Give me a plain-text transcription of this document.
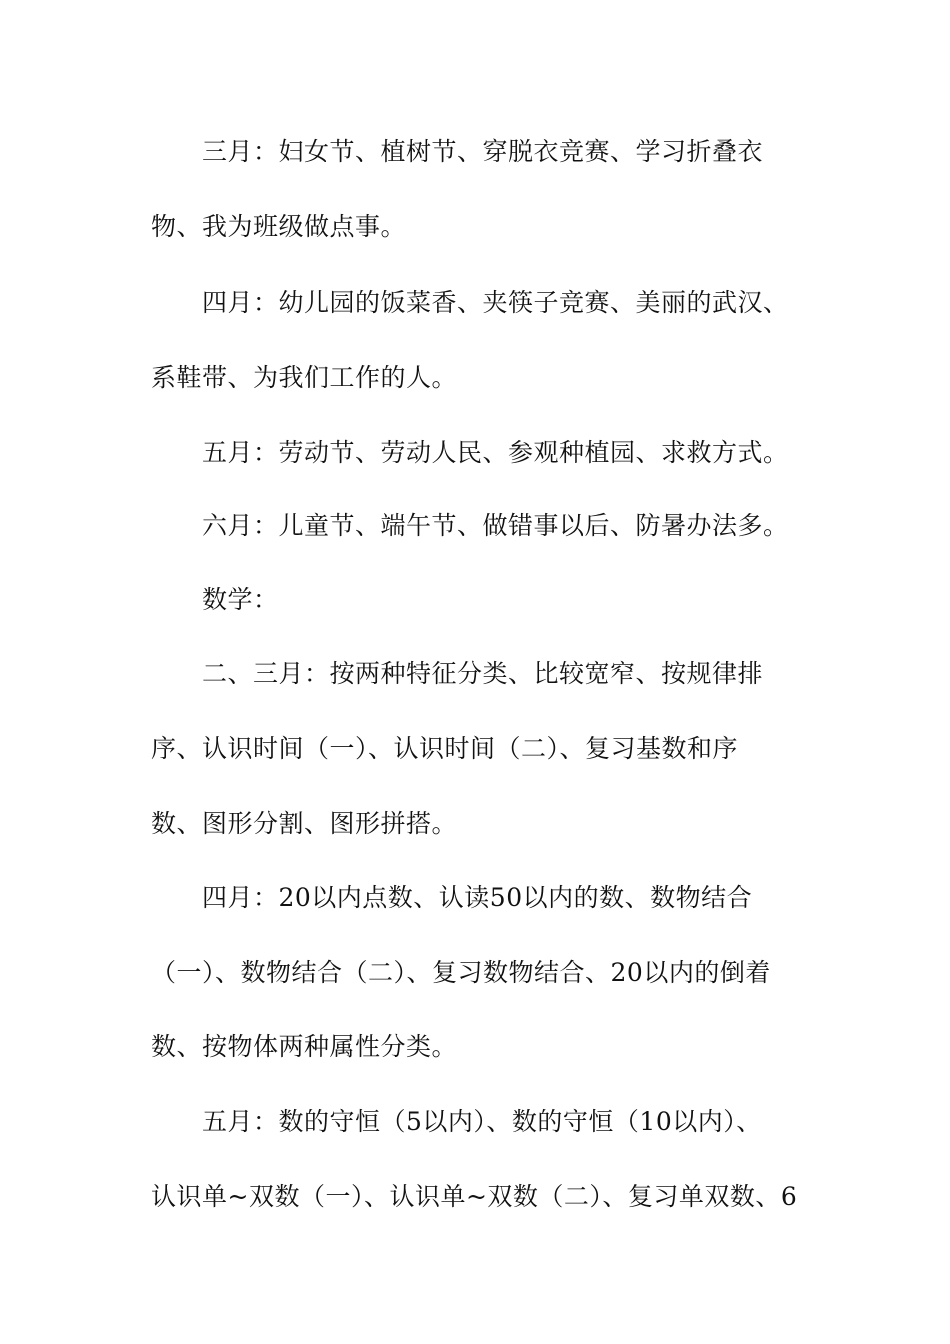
三月：妇女节、植树节、穿脱衣竞赛、学习折叠衣
物、我为班级做点事。
四月：幼儿园的饭菜香、夹筷子竞赛、美丽的武汉、
系鞋带、为我们工作的人。
五月：劳动节、劳动人民、参观种植园、求救方式。
六月：儿童节、端午节、做错事以后、防暑办法多。
数学：
二、三月：按两种特征分类、比较宽窄、按规律排
序、认识时间（一）、认识时间（二）、复习基数和序
数、图形分割、图形拼搭。
四月：20以内点数、认读50以内的数、数物结合
（一）、数物结合（二）、复习数物结合、20以内的倒着
数、按物体两种属性分类。
五月：数的守恒（5以内）、数的守恒（10以内）、
认识单~双数（一）、认识单~双数（二）、复习单双数、6
